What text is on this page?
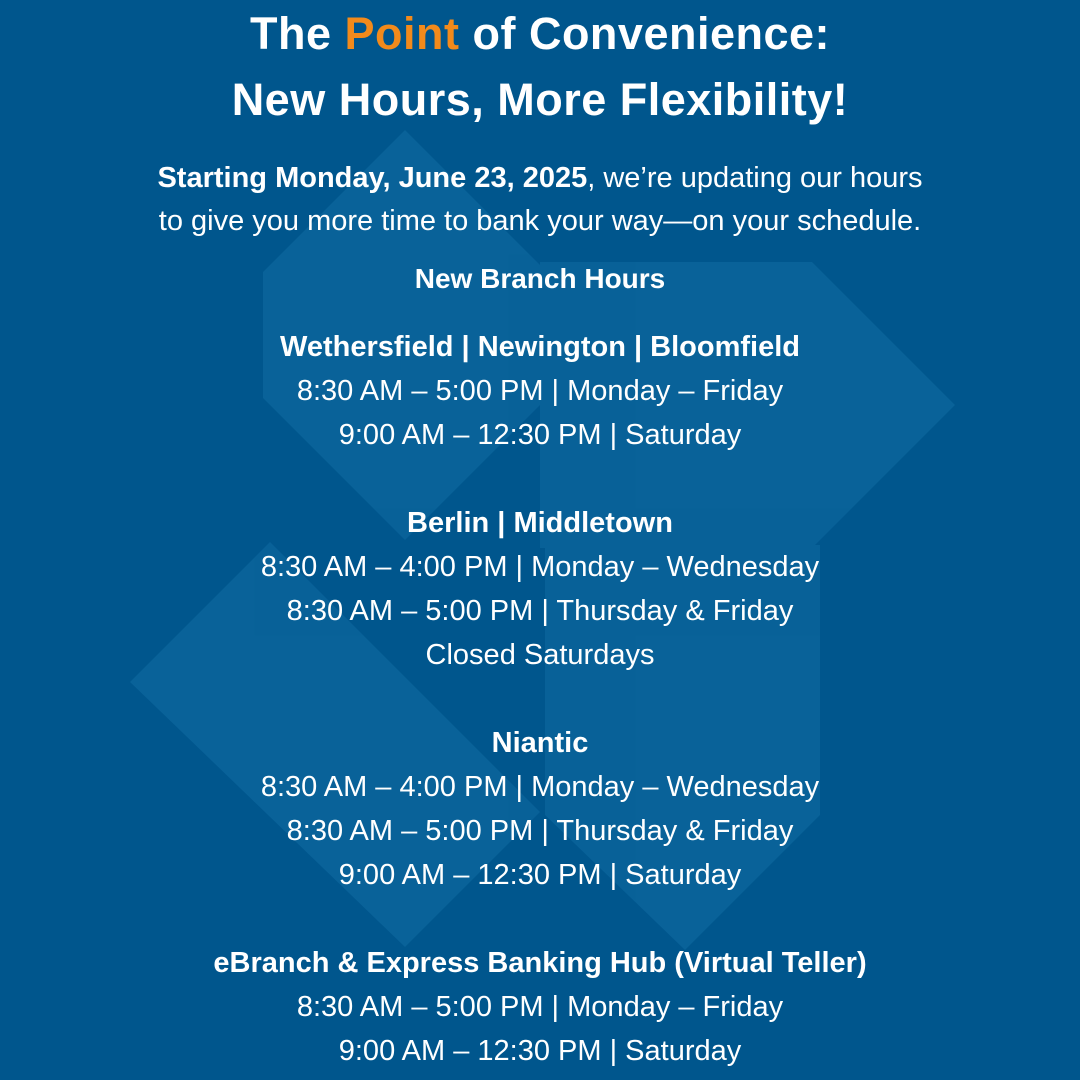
The Point of Convenience:

New Hours, More Flexibility!

Starting Monday, June 23, 2025, we’re updating our hours

to give you more time to bank your way—on your schedule.

New Branch Hours

Wethersfield | Newington | Bloomfield

8:30 AM – 5:00 PM | Monday – Friday

9:00 AM – 12:30 PM | Saturday

Berlin | Middletown

8:30 AM – 4:00 PM | Monday – Wednesday

8:30 AM – 5:00 PM | Thursday & Friday

Closed Saturdays

Niantic

8:30 AM – 4:00 PM | Monday – Wednesday

8:30 AM – 5:00 PM | Thursday & Friday

9:00 AM – 12:30 PM | Saturday

eBranch & Express Banking Hub (Virtual Teller)

8:30 AM – 5:00 PM | Monday – Friday

9:00 AM – 12:30 PM | Saturday
